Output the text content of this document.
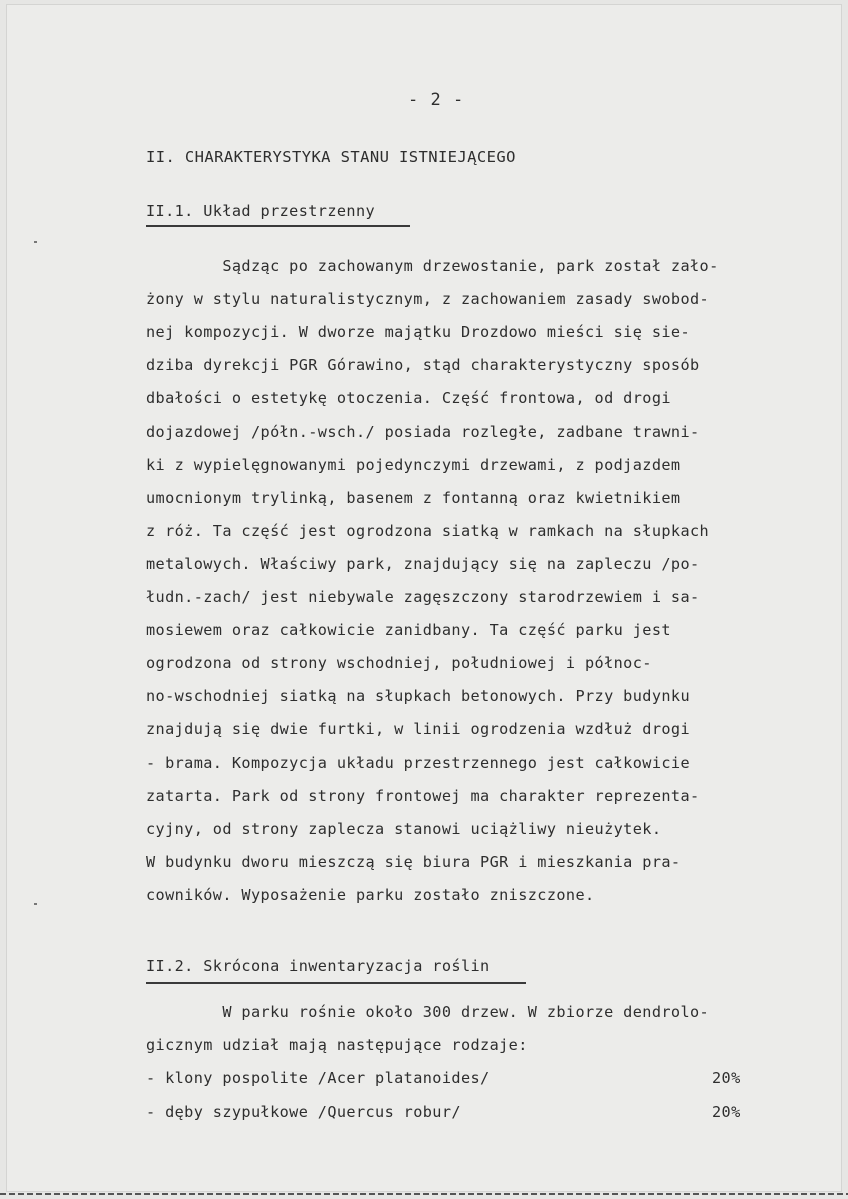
- 2 -
II. CHARAKTERYSTYKA STANU ISTNIEJĄCEGO
II.1. Układ przestrzenny
Sądząc po zachowanym drzewostanie, park został zało-
żony w stylu naturalistycznym, z zachowaniem zasady swobod-
nej kompozycji. W dworze majątku Drozdowo mieści się sie-
dziba dyrekcji PGR Górawino, stąd charakterystyczny sposób
dbałości o estetykę otoczenia. Część frontowa, od drogi
dojazdowej /półn.-wsch./ posiada rozległe, zadbane trawni-
ki z wypielęgnowanymi pojedynczymi drzewami, z podjazdem
umocnionym trylinką, basenem z fontanną oraz kwietnikiem
z róż. Ta część jest ogrodzona siatką w ramkach na słupkach
metalowych. Właściwy park, znajdujący się na zapleczu /po-
łudn.-zach/ jest niebywale zagęszczony starodrzewiem i sa-
mosiewem oraz całkowicie zanidbany. Ta część parku jest
ogrodzona od strony wschodniej, południowej i północ-
no-wschodniej siatką na słupkach betonowych. Przy budynku
znajdują się dwie furtki, w linii ogrodzenia wzdłuż drogi
- brama. Kompozycja układu przestrzennego jest całkowicie
zatarta. Park od strony frontowej ma charakter reprezenta-
cyjny, od strony zaplecza stanowi uciążliwy nieużytek.
W budynku dworu mieszczą się biura PGR i mieszkania pra-
cowników. Wyposażenie parku zostało zniszczone.
II.2. Skrócona inwentaryzacja roślin
W parku rośnie około 300 drzew. W zbiorze dendrolo-
gicznym udział mają następujące rodzaje:
- klony pospolite /Acer platanoides/	20%
- dęby szypułkowe /Quercus robur/	20%
